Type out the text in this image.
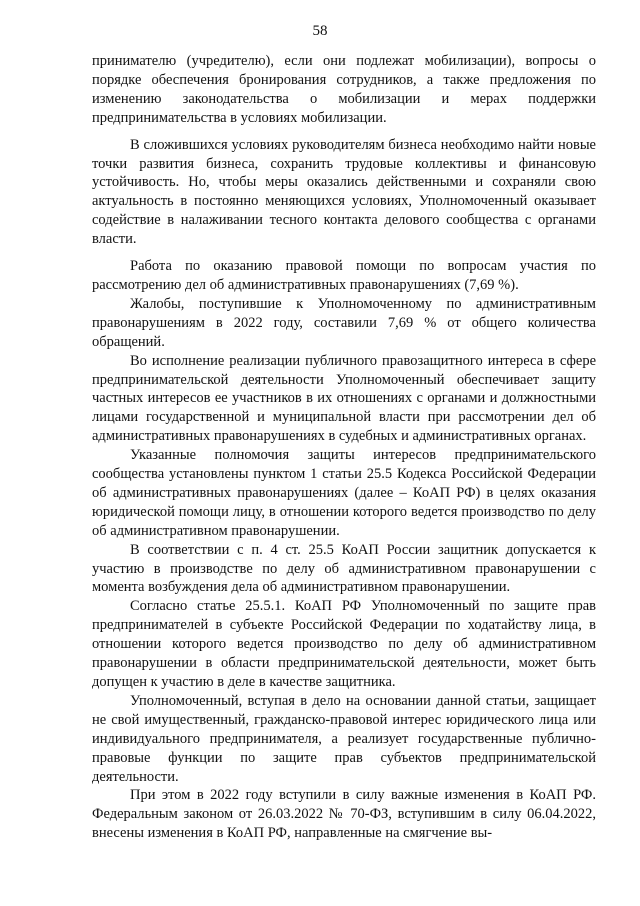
58

принимателю (учредителю), если они подлежат мобилизации), вопросы о порядке обеспечения бронирования сотрудников, а также предложения по изменению законодательства о мобилизации и мерах поддержки предпринимательства в условиях мобилизации.

В сложившихся условиях руководителям бизнеса необходимо найти новые точки развития бизнеса, сохранить трудовые коллективы и финансовую устойчивость. Но, чтобы меры оказались действенными и сохраняли свою актуальность в постоянно меняющихся условиях, Уполномоченный оказывает содействие в налаживании тесного контакта делового сообщества с органами власти.

Работа по оказанию правовой помощи по вопросам участия по рассмотрению дел об административных правонарушениях (7,69 %).

Жалобы, поступившие к Уполномоченному по административным правонарушениям в 2022 году, составили 7,69 % от общего количества обращений.

Во исполнение реализации публичного правозащитного интереса в сфере предпринимательской деятельности Уполномоченный обеспечивает защиту частных интересов ее участников в их отношениях с органами и должностными лицами государственной и муниципальной власти при рассмотрении дел об административных правонарушениях в судебных и административных органах.

Указанные полномочия защиты интересов предпринимательского сообщества установлены пунктом 1 статьи 25.5 Кодекса Российской Федерации об административных правонарушениях (далее – КоАП РФ) в целях оказания юридической помощи лицу, в отношении которого ведется производство по делу об административном правонарушении.

В соответствии с п. 4 ст. 25.5 КоАП России защитник допускается к участию в производстве по делу об административном правонарушении с момента возбуждения дела об административном правонарушении.

Согласно статье 25.5.1. КоАП РФ Уполномоченный по защите прав предпринимателей в субъекте Российской Федерации по ходатайству лица, в отношении которого ведется производство по делу об административном правонарушении в области предпринимательской деятельности, может быть допущен к участию в деле в качестве защитника.

Уполномоченный, вступая в дело на основании данной статьи, защищает не свой имущественный, гражданско-правовой интерес юридического лица или индивидуального предпринимателя, а реализует государственные публично-правовые функции по защите прав субъектов предпринимательской деятельности.

При этом в 2022 году вступили в силу важные изменения в КоАП РФ. Федеральным законом от 26.03.2022 № 70-ФЗ, вступившим в силу 06.04.2022, внесены изменения в КоАП РФ, направленные на смягчение вы-
